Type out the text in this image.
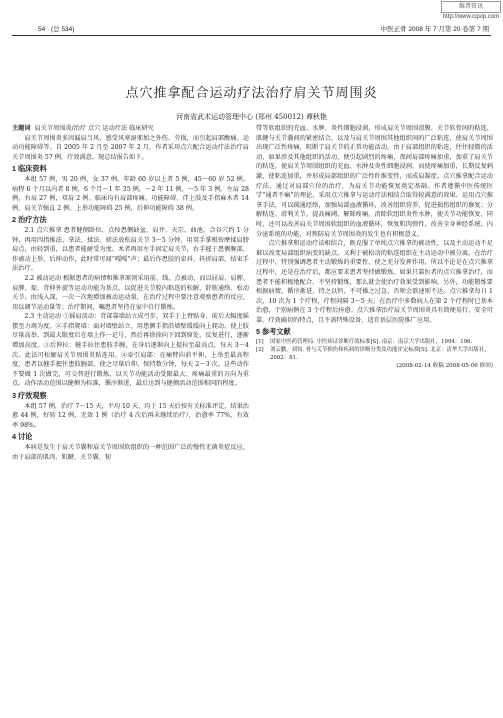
维普资讯 http://www.cqvip.com
· 54 · (总 534)	中医正骨 2008 年 7 月第 20 卷第 7 期
点穴推拿配合运动疗法治疗肩关节周围炎
河南省武术运动管理中心 (郑州 450012) 谭秋艳

主题词 肩关节周围炎/治疗 点穴 运动疗法 临床研究

肩关节周围炎多因漏肩当风、感受风寒湿邪加之外伤、劳损，而引起肩部酸痛、运动功能障碍等。自 2005 年 2 月至 2007 年 2 月，作者采用点穴配合运动疗法治疗肩关节周围炎 57 例，疗效满意，现总结报告如下。

1 临床资料

本组 57 例，男 20 例，女 37 例。年龄 60 岁以上者 5 例，45～60 岁 52 例。病程 6 个月以内者 8 例，6 个月～1 年 35 例，～2 年 11 例，～5 年 3 例。左肩 28 例，右肩 27 例，双肩 2 例。临床均有肩部疼痛，功能障碍。伴上肢及手指麻木者 14 例，肩关节强直 2 例。上举功能障碍 25 例，后伸功能障碍 38 例。

2 治疗方法

2.1 点穴推拿 患者健侧卧位，点按患侧缺盆、肩井、天宗、曲池，合谷穴约 1 分钟，再用四指推法、拿法、揉法、搓法放松肩关节 3～5 分钟，用双手掌根按摩揉肩膀肩点，由轻到重，以患者能耐受为度。术者再用左手固定肩关节，右手握于患侧腕部，作被动上举、后伸动作，此时常可闻“嘎嘎”声；最后作患肢的牵抖、抖搓肩部，结束手法治疗。

2.2 被动运动 根据患者的病情和推拿原则采用前、线、点被动，而以屈肩、肩胛、肩胛、提、背伸外旋等运动功能为基点，以促进关节腔内粘连的松解、舒筋通络、松动关节，由浅入深，一次一次地增加被动运动量，在治疗过程中要注意观察患者的反应，用以调节运动量等；治疗期间，嘱患者坚持在家中自行锻炼。

2.3 主动运动 ①摇肩活动：背部靠墙站立成弓步，双手于上臂贴身，前后大幅度摇摆至力竭为度。②手指爬墙：面对墙壁站立，用患侧手指沿墙壁缓缓向上爬动，使上肢尽量高举，到最大限度后在墙上作一记号，然后再徐徐向下回到原处，反复进行，逐渐增加高度。③后伸拉：健手拉住患肢手腕，在身后逐渐向上提拉至最高点，每天 3～4 次。此法可松解肩关节周围炎粘连用。④牵引肩部：在痛臂向前平伸，上举至最高程度，患者以健手握住患肢腕部，使之尽量后仰，保持数分钟，每天 2～3 次。这些动作不要做 1 次做完，可交替进行锻炼，以关节功能活动受限最大、疼痛最重的方向为重点。动作活动范围以健侧为标准，循序渐进，最后达到与健侧活动范围相同的程度。

3 疗效观察

本组 57 例，治疗 7～15 天，平均 10 天，均于 15 天后按有关标准评定，结果治愈 44 例，好转 12 例，无效 1 例（治疗 4 次后再未继续治疗），治愈率 77%，有效率 98%。

4 讨论

本病是发生于肩关节囊和肩关节周围软组织的一种范围广泛的慢性无菌炎症反应，由于肩部的肌肉、肌腱、关节囊、韧

带等软组织的充血、水肿、炎性细胞浸润，形成肩关节周围滑膜、关节软骨间的粘连，肌腱与关节囊间的紧密结合，以及与肩关节周围其他组织间的广泛粘连，使肩关节周围出现广泛性疼痛，阻断了肩关节的正常功能活动。由于肩部组织的粘连，往往轻微的活动，如果涉及其他组织的活动，便引起剧烈的疼痛，夜间肩部疼痛加重，加重了肩关节的粘连，使肩关节周围组织的充血、水肿及炎性细胞浸润，而使疼痛加重，长期反复刺激，使粘连加重，并形成局部组织的广泛性纤维变性，而成肩凝症。点穴推拿配合运动疗法，通过对肩部穴位的治疗，为肩关节功能恢复奠定基础。作者遵循中医传统医学“通者不痛”的理论，采用点穴推拿与运动疗法相结合取得较满意的效果。运用点穴推拿手法，可以疏通经络，加强局部血液循环，改善组织营养，促进损伤组织的修复；分解粘连、滑利关节，提高痛阈，解除疼痛，消除软组织炎性水肿，使关节功能恢复，同时，还可以改善肩关节周围软组织的血液循环，恢复肌肉弹性，改善全身神经系统、内分泌系统的功能，对预防肩关节周围炎的发生也有积极意义。

点穴推拿和运动疗法相结合，既克服了单纯点穴推拿的被动性，以及主动运动不足难以改变局部组织病变的缺点，又利于被松动的粘连组织在主动运动中被分离。在治疗过程中，特别强调患者主动锻炼的重要性，使之充分发挥作用，所以不论是在点穴推拿过程中，还是在治疗后，都应要求患者坚持做锻炼。如果只靠医者的点穴推拿治疗，而患者不能积极地配合，不坚持锻炼，那么就会使治疗效果受到影响。另外，功能锻炼要根据病情，循序渐进，持之以恒，不可操之过急，否则会欲速则不达。点穴推拿每日 1 次，10 次为 1 个疗程，疗程间隔 3～5 天。在治疗中多数病人在第 2 个疗程时已基本治愈，个别病例在 3 个疗程后痊愈。点穴推拿治疗肩关节周围炎具有简便易行、安全可靠、疗效确切的特点，且不需特殊设备，适宜基层医院推广应用。

5 参考文献
[1]	国家中医药管理局. 中医病证诊断疗效标准[S]. 南京：南京大学出版社，1994：196.
[2]	刘云鹏，刘钧. 骨与关节损伤和疾病的诊断分类及功能评定标准[S]. 北京：清华大学出版社，2002：81.
(2008-02-14 收稿 2008-05-06 修回)
